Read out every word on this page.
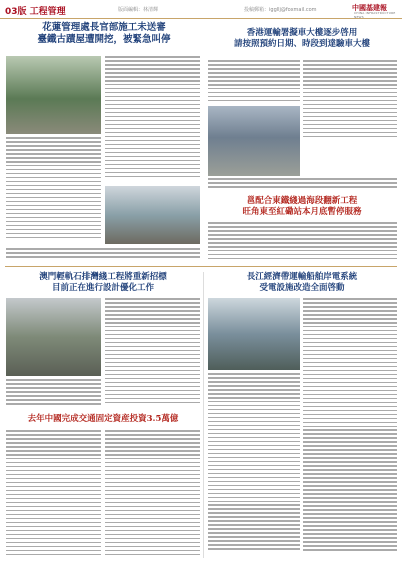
03版 工程管理	版面編輯：林清輝	投稿郵箱：iggllj@foxmail.com	中國基建報
CHINA INFRASTRUCTURE NEWS
花蓮管理處長官部施工未送審
臺鐵古蹟屋遭開挖，被緊急叫停
香港運輸署擬車大樓逐步啓用
請按照預約日期、時段到達驗車大樓
邕配合東鐵綫過海段翻新工程
旺角東至紅磡站本月底暫停服務
澳門輕軌石排灣綫工程將重新招標
目前正在進行設計優化工作
去年中國完成交通固定資産投資3.5萬億
長江經濟帶運輸船舶岸電系統
受電設施改造全面啓動
